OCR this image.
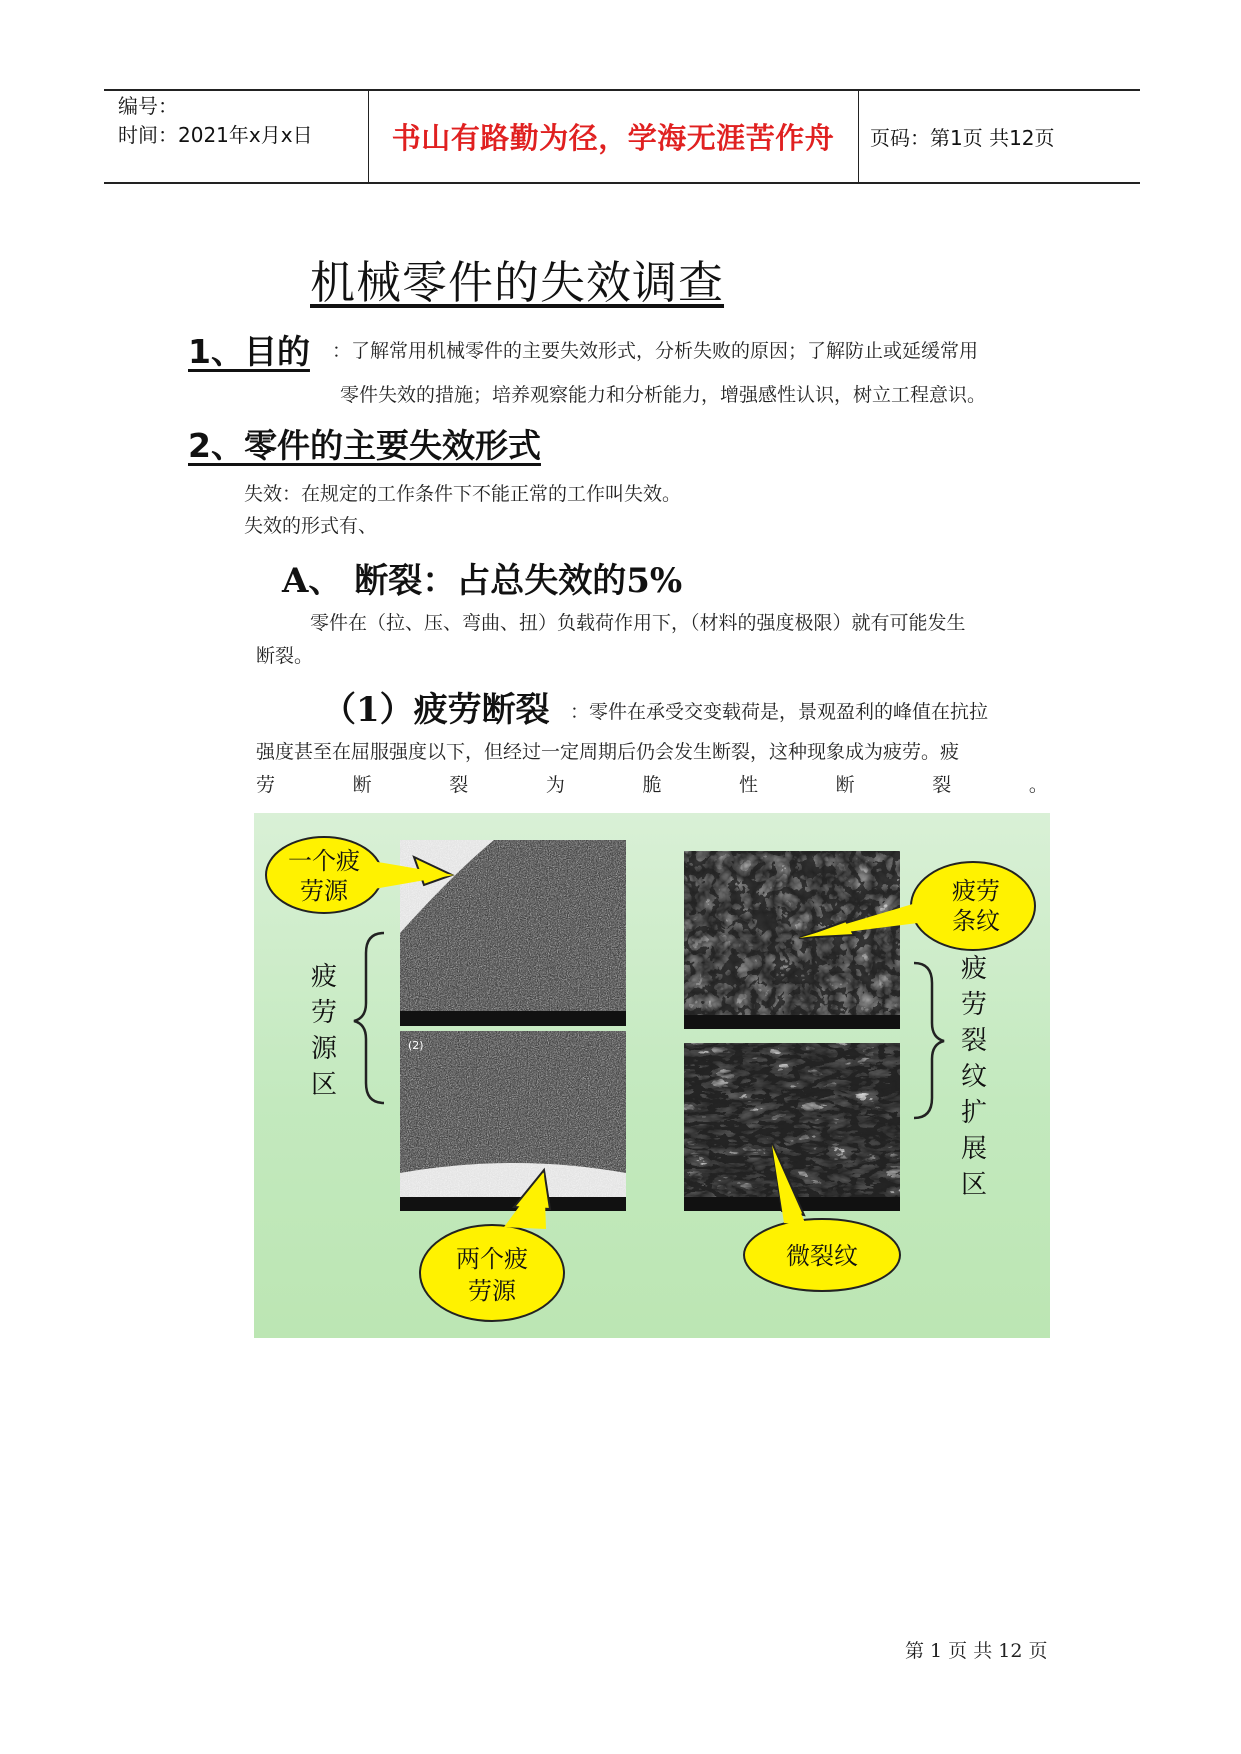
编号：
时间：2021年x月x日	书山有路勤为径，学海无涯苦作舟	页码：第1页 共12页
机械零件的失效调查
1、目的 ：了解常用机械零件的主要失效形式，分析失败的原因；了解防止或延缓常用
零件失效的措施；培养观察能力和分析能力，增强感性认识，树立工程意识。
2、零件的主要失效形式
失效：在规定的工作条件下不能正常的工作叫失效。
失效的形式有、
A、 断裂：占总失效的5%
零件在（拉、压、弯曲、扭）负载荷作用下，（材料的强度极限）就有可能发生
断裂。
（1）疲劳断裂 ：零件在承受交变载荷是，景观盈利的峰值在抗拉
强度甚至在屈服强度以下，但经过一定周期后仍会发生断裂，这种现象成为疲劳。疲
劳	断	裂	为	脆	性	断	裂	。
(2)
一个疲
劳源
两个疲
劳源
疲劳
条纹
微裂纹
疲
劳
源
区
疲
劳
裂
纹
扩
展
区
第 1 页 共 12 页
